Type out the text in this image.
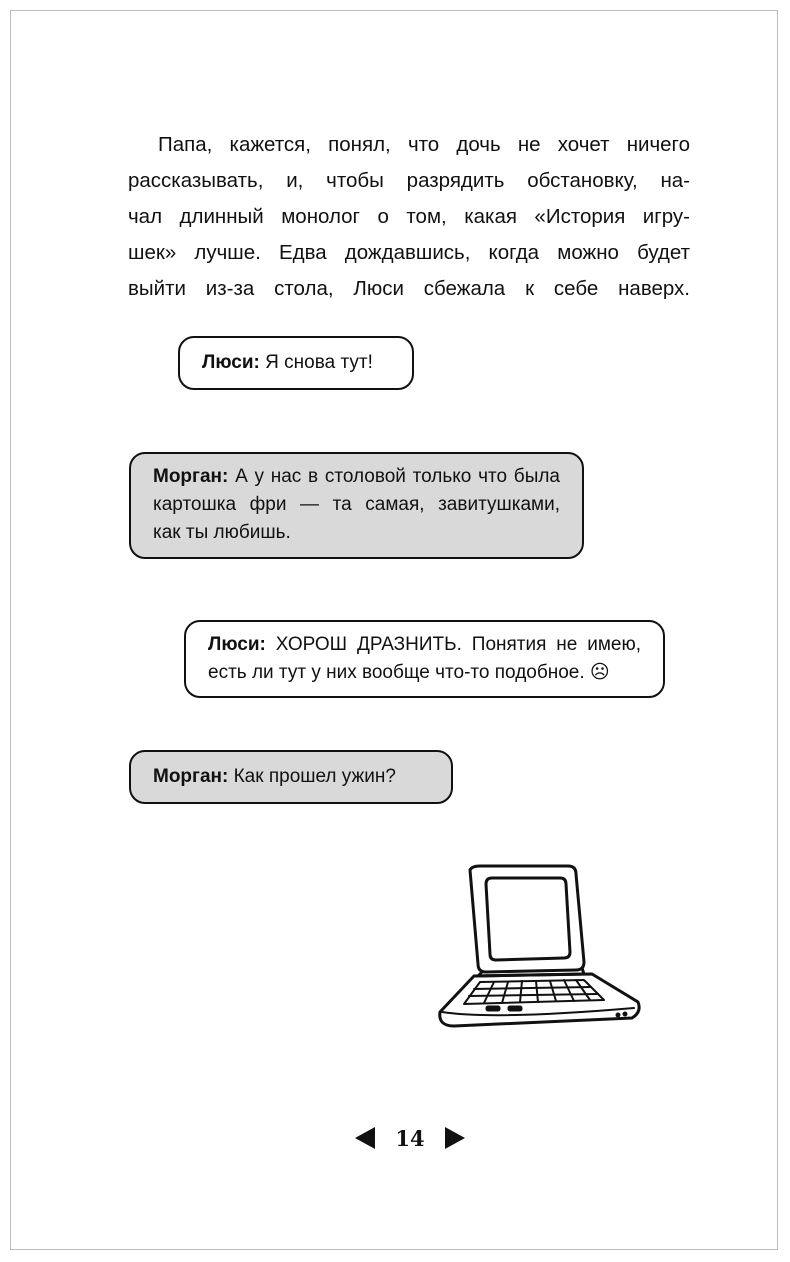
Папа, кажется, понял, что дочь не хочет ничего
рассказывать, и, чтобы разрядить обстановку, на-
чал длинный монолог о том, какая «История игру-
шек» лучше. Едва дождавшись, когда можно будет
выйти из-за стола, Люси сбежала к себе наверх.
Люси: Я снова тут!
Морган: А у нас в столовой только что была
картошка фри — та самая, завитушками,
как ты любишь.
Люси: ХОРОШ ДРАЗНИТЬ. Понятия не имею,
есть ли тут у них вообще что-то подобное. ☹
Морган: Как прошел ужин?
14
